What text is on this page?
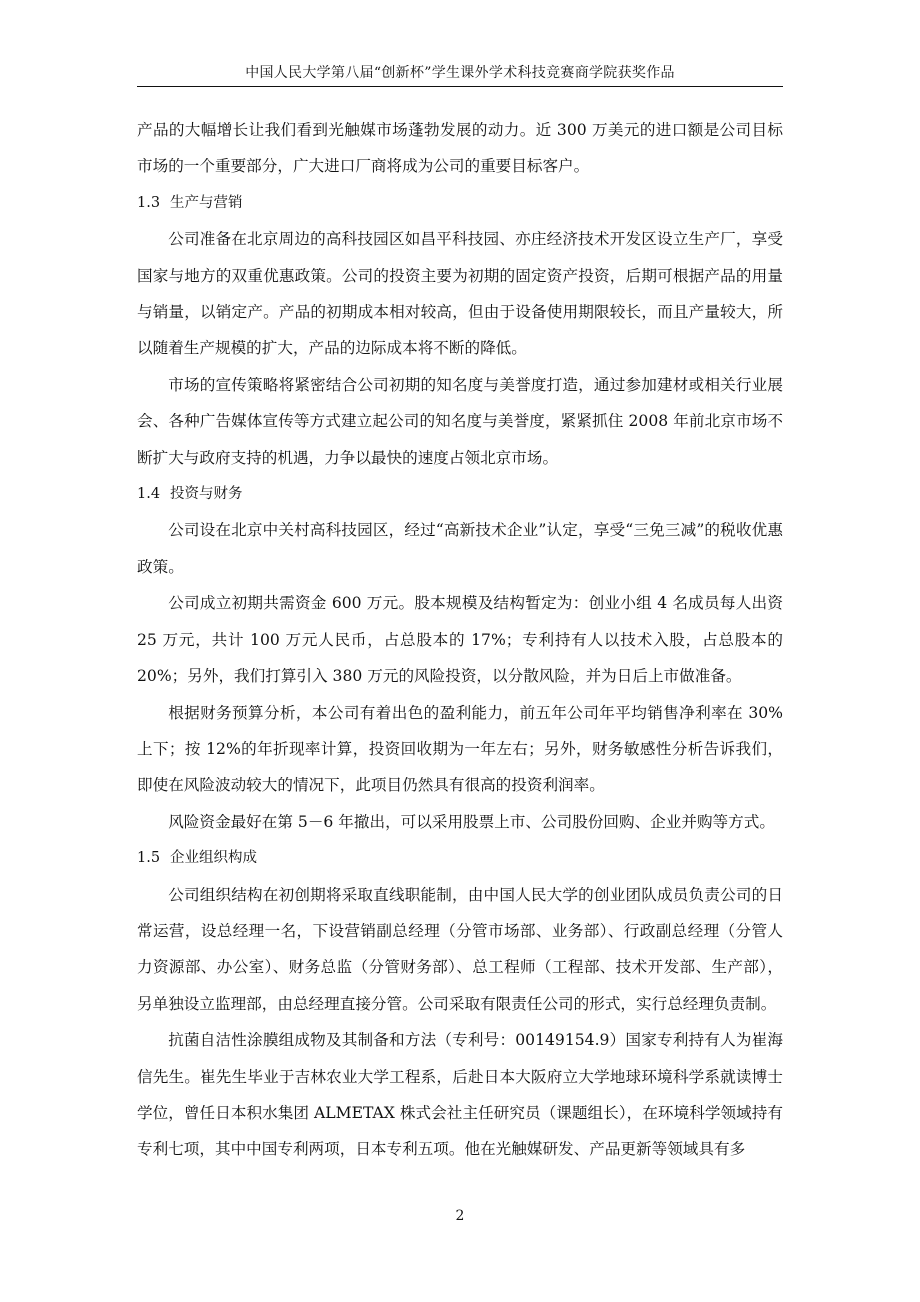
中国人民大学第八届“创新杯”学生课外学术科技竞赛商学院获奖作品

产品的大幅增长让我们看到光触媒市场蓬勃发展的动力。近 300 万美元的进口额是公司目标市场的一个重要部分，广大进口厂商将成为公司的重要目标客户。

1.3 生产与营销

公司准备在北京周边的高科技园区如昌平科技园、亦庄经济技术开发区设立生产厂，享受国家与地方的双重优惠政策。公司的投资主要为初期的固定资产投资，后期可根据产品的用量与销量，以销定产。产品的初期成本相对较高，但由于设备使用期限较长，而且产量较大，所以随着生产规模的扩大，产品的边际成本将不断的降低。

市场的宣传策略将紧密结合公司初期的知名度与美誉度打造，通过参加建材或相关行业展会、各种广告媒体宣传等方式建立起公司的知名度与美誉度，紧紧抓住 2008 年前北京市场不断扩大与政府支持的机遇，力争以最快的速度占领北京市场。

1.4 投资与财务

公司设在北京中关村高科技园区，经过“高新技术企业”认定，享受“三免三减”的税收优惠政策。

公司成立初期共需资金 600 万元。股本规模及结构暂定为：创业小组 4 名成员每人出资 25 万元，共计 100 万元人民币，占总股本的 17%；专利持有人以技术入股，占总股本的 20%；另外，我们打算引入 380 万元的风险投资，以分散风险，并为日后上市做准备。

根据财务预算分析，本公司有着出色的盈利能力，前五年公司年平均销售净利率在 30%上下；按 12%的年折现率计算，投资回收期为一年左右；另外，财务敏感性分析告诉我们，即使在风险波动较大的情况下，此项目仍然具有很高的投资利润率。

风险资金最好在第 5－6 年撤出，可以采用股票上市、公司股份回购、企业并购等方式。

1.5 企业组织构成

公司组织结构在初创期将采取直线职能制，由中国人民大学的创业团队成员负责公司的日常运营，设总经理一名，下设营销副总经理（分管市场部、业务部）、行政副总经理（分管人力资源部、办公室）、财务总监（分管财务部）、总工程师（工程部、技术开发部、生产部），另单独设立监理部，由总经理直接分管。公司采取有限责任公司的形式，实行总经理负责制。

抗菌自洁性涂膜组成物及其制备和方法（专利号：00149154.9）国家专利持有人为崔海信先生。崔先生毕业于吉林农业大学工程系，后赴日本大阪府立大学地球环境科学系就读博士学位，曾任日本积水集团 ALMETAX 株式会社主任研究员（课题组长），在环境科学领域持有专利七项，其中中国专利两项，日本专利五项。他在光触媒研发、产品更新等领域具有多

2
